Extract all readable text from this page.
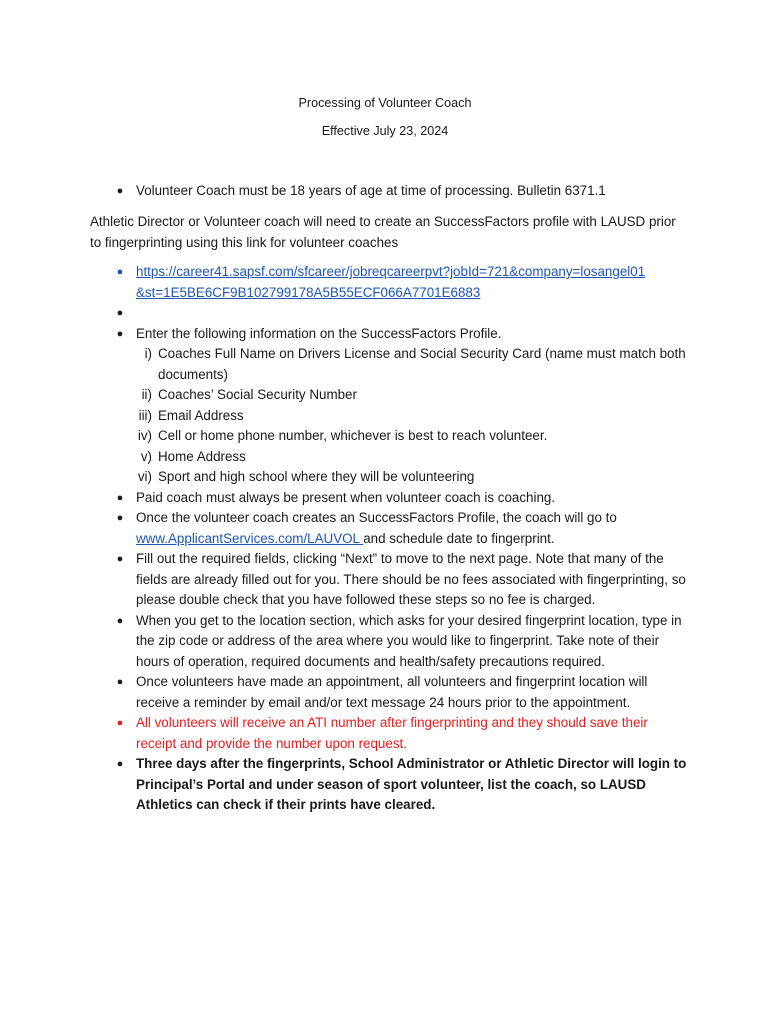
Processing of Volunteer Coach
Effective July 23, 2024
● Volunteer Coach must be 18 years of age at time of processing. Bulletin 6371.1
Athletic Director or Volunteer coach will need to create an SuccessFactors profile with LAUSD prior to fingerprinting using this link for volunteer coaches
● https://career41.sapsf.com/sfcareer/jobreqcareerpvt?jobId=721&company=losangel01
&st=1E5BE6CF9B102799178A5B55ECF066A7701E6883
●
● Enter the following information on the SuccessFactors Profile.
i) Coaches Full Name on Drivers License and Social Security Card (name must match both documents)
ii) Coaches’ Social Security Number
iii) Email Address
iv) Cell or home phone number, whichever is best to reach volunteer.
v) Home Address
vi) Sport and high school where they will be volunteering
● Paid coach must always be present when volunteer coach is coaching.
● Once the volunteer coach creates an SuccessFactors Profile, the coach will go to
www.ApplicantServices.com/LAUVOL and schedule date to fingerprint.
● Fill out the required fields, clicking “Next” to move to the next page. Note that many of the fields are already filled out for you. There should be no fees associated with fingerprinting, so please double check that you have followed these steps so no fee is charged.
● When you get to the location section, which asks for your desired fingerprint location, type in the zip code or address of the area where you would like to fingerprint. Take note of their hours of operation, required documents and health/safety precautions required.
● Once volunteers have made an appointment, all volunteers and fingerprint location will receive a reminder by email and/or text message 24 hours prior to the appointment.
● All volunteers will receive an ATI number after fingerprinting and they should save their receipt and provide the number upon request.
● Three days after the fingerprints, School Administrator or Athletic Director will login to Principal’s Portal and under season of sport volunteer, list the coach, so LAUSD Athletics can check if their prints have cleared.
